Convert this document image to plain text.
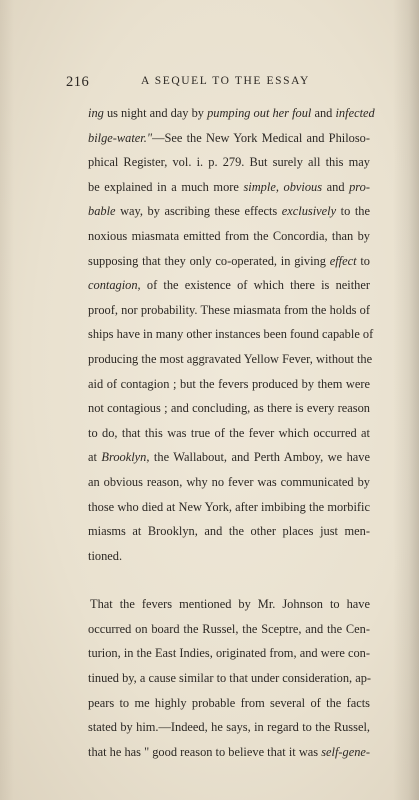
216	A SEQUEL TO THE ESSAY
ing us night and day by pumping out her foul and infected
bilge-water."—See the New York Medical and Philoso-
phical Register, vol. i. p. 279. But surely all this may
be explained in a much more simple, obvious and pro-
bable way, by ascribing these effects exclusively to the
noxious miasmata emitted from the Concordia, than by
supposing that they only co-operated, in giving effect to
contagion, of the existence of which there is neither
proof, nor probability. These miasmata from the holds of
ships have in many other instances been found capable of
producing the most aggravated Yellow Fever, without the
aid of contagion ; but the fevers produced by them were
not contagious ; and concluding, as there is every reason
to do, that this was true of the fever which occurred at
at Brooklyn, the Wallabout, and Perth Amboy, we have
an obvious reason, why no fever was communicated by
those who died at New York, after imbibing the morbific
miasms at Brooklyn, and the other places just men-
tioned.
That the fevers mentioned by Mr. Johnson to have
occurred on board the Russel, the Sceptre, and the Cen-
turion, in the East Indies, originated from, and were con-
tinued by, a cause similar to that under consideration, ap-
pears to me highly probable from several of the facts
stated by him.—Indeed, he says, in regard to the Russel,
that he has " good reason to believe that it was self-gene-
